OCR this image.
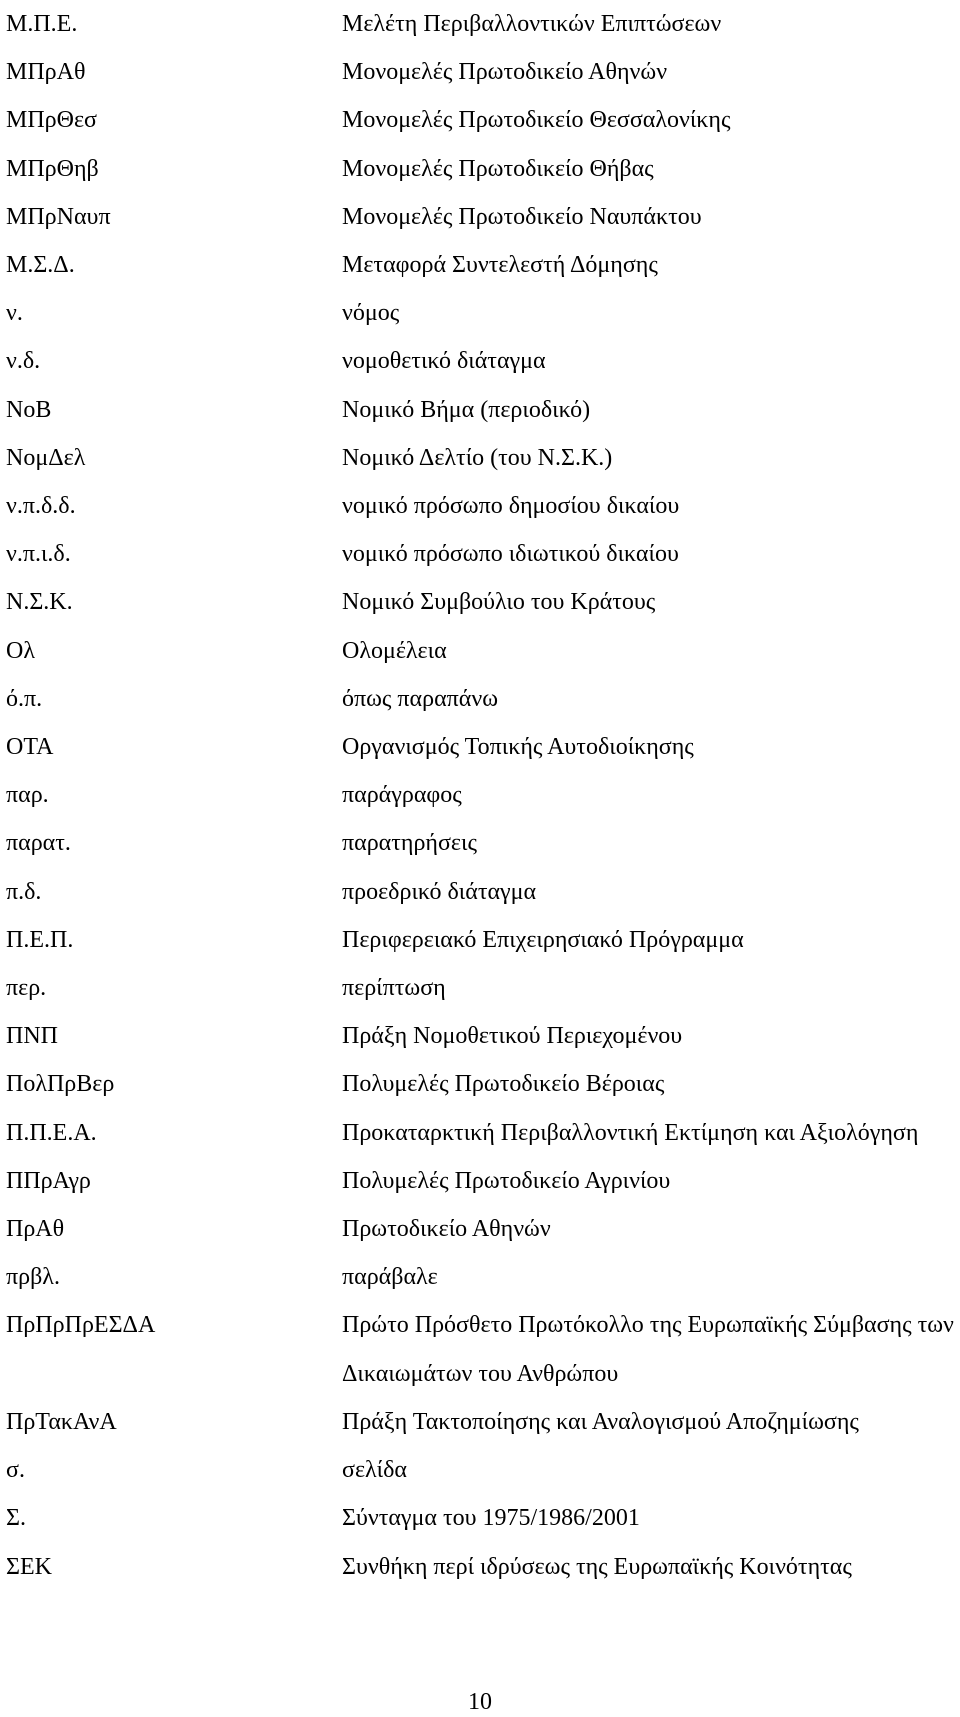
Μ.Π.Ε.	Μελέτη Περιβαλλοντικών Επιπτώσεων
ΜΠρΑθ	Μονομελές Πρωτοδικείο Αθηνών
ΜΠρΘεσ	Μονομελές Πρωτοδικείο Θεσσαλονίκης
ΜΠρΘηβ	Μονομελές Πρωτοδικείο Θήβας
ΜΠρΝαυπ	Μονομελές Πρωτοδικείο Ναυπάκτου
Μ.Σ.Δ.	Μεταφορά Συντελεστή Δόμησης
ν.	νόμος
ν.δ.	νομοθετικό διάταγμα
ΝοΒ	Νομικό Βήμα (περιοδικό)
ΝομΔελ	Νομικό Δελτίο (του Ν.Σ.Κ.)
ν.π.δ.δ.	νομικό πρόσωπο δημοσίου δικαίου
ν.π.ι.δ.	νομικό πρόσωπο ιδιωτικού δικαίου
Ν.Σ.Κ.	Νομικό Συμβούλιο του Κράτους
Ολ	Ολομέλεια
ό.π.	όπως παραπάνω
ΟΤΑ	Οργανισμός Τοπικής Αυτοδιοίκησης
παρ.	παράγραφος
παρατ.	παρατηρήσεις
π.δ.	προεδρικό διάταγμα
Π.Ε.Π.	Περιφερειακό Επιχειρησιακό Πρόγραμμα
περ.	περίπτωση
ΠΝΠ	Πράξη Νομοθετικού Περιεχομένου
ΠολΠρΒερ	Πολυμελές Πρωτοδικείο Βέροιας
Π.Π.Ε.Α.	Προκαταρκτική Περιβαλλοντική Εκτίμηση και Αξιολόγηση
ΠΠρΑγρ	Πολυμελές Πρωτοδικείο Αγρινίου
ΠρΑθ	Πρωτοδικείο Αθηνών
πρβλ.	παράβαλε
ΠρΠρΠρΕΣΔΑ	Πρώτο Πρόσθετο Πρωτόκολλο της Ευρωπαϊκής Σύμβασης των Δικαιωμάτων του Ανθρώπου
ΠρΤακΑνΑ	Πράξη Τακτοποίησης και Αναλογισμού Αποζημίωσης
σ.	σελίδα
Σ.	Σύνταγμα του 1975/1986/2001
ΣΕΚ	Συνθήκη περί ιδρύσεως της Ευρωπαϊκής Κοινότητας
10
